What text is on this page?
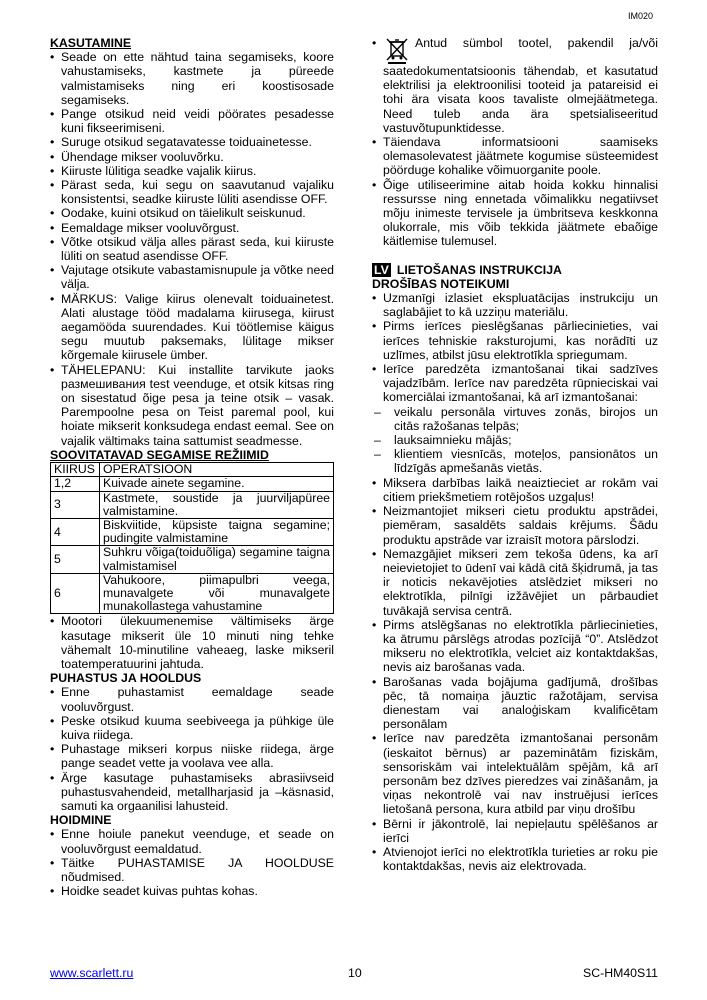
IM020
KASUTAMINE
• Seade on ette nähtud taina segamiseks, koore vahustamiseks, kastmete ja püreede valmistamiseks ning eri koostisosade segamiseks.
• Pange otsikud neid veidi pöörates pesadesse kuni fikseerimiseni.
• Suruge otsikud segatavatesse toiduainetesse.
• Ühendage mikser vooluvõrku.
• Kiiruste lülitiga seadke vajalik kiirus.
• Pärast seda, kui segu on saavutanud vajaliku konsistentsi, seadke kiiruste lüliti asendisse OFF.
• Oodake, kuini otsikud on täielikult seiskunud.
• Eemaldage mikser vooluvõrgust.
• Võtke otsikud välja alles pärast seda, kui kiiruste lüliti on seatud asendisse OFF.
• Vajutage otsikute vabastamisnupule ja võtke need välja.
• MÄRKUS: Valige kiirus olenevalt toiduainetest. Alati alustage tööd madalama kiirusega, kiirust aegamööda suurendades. Kui töötlemise käigus segu muutub paksemaks, lülitage mikser kõrgemale kiirusele ümber.
• TÄHELEPANU: Kui installite tarvikute jaoks размешивания test veenduge, et otsik kitsas ring on sisestatud õige pesa ja teine otsik – vasak. Parempoolne pesa on Teist paremal pool, kui hoiate mikserit konksudega endast eemal. See on vajalik vältimaks taina sattumist seadmesse.
SOOVITATAVAD SEGAMISE REŽIIMID
KIIRUS	OPERATSIOON
1,2	Kuivade ainete segamine.
3	Kastmete, soustide ja juurviljapüree valmistamine.
4	Biskviitide, küpsiste taigna segamine; pudingite valmistamine
5	Suhkru võiga(toiduõliga) segamine taigna valmistamisel
6	Vahukoore, piimapulbri veega, munavalgete või munavalgete munakollastega vahustamine
• Mootori ülekuumenemise vältimiseks ärge kasutage mikserit üle 10 minuti ning tehke vähemalt 10-minutiline vaheaeg, laske mikseril toatemperatuurini jahtuda.
PUHASTUS JA HOOLDUS
• Enne puhastamist eemaldage seade vooluvõrgust.
• Peske otsikud kuuma seebiveega ja pühkige üle kuiva riidega.
• Puhastage mikseri korpus niiske riidega, ärge pange seadet vette ja voolava vee alla.
• Ärge kasutage puhastamiseks abrasiivseid puhastusvahendeid, metallharjasid ja –käsnasid, samuti ka orgaanilisi lahusteid.
HOIDMINE
• Enne hoiule panekut veenduge, et seade on vooluvõrgust eemaldatud.
• Täitke PUHASTAMISE JA HOOLDUSE nõudmised.
• Hoidke seadet kuivas puhtas kohas.
• Antud sümbol tootel, pakendil ja/või saatedokumentatsioonis tähendab, et kasutatud elektrilisi ja elektroonilisi tooteid ja patareisid ei tohi ära visata koos tavaliste olmejäätmetega. Need tuleb anda ära spetsialiseeritud vastuvõtupunktidesse.
• Täiendava informatsiooni saamiseks olemasolevatest jäätmete kogumise süsteemidest pöörduge kohalike võimuorganite poole.
• Õige utiliseerimine aitab hoida kokku hinnalisi ressursse ning ennetada võimalikku negatiivset mõju inimeste tervisele ja ümbritseva keskkonna olukorrale, mis võib tekkida jäätmete ebaõige käitlemise tulemusel.
LV LIETOŠANAS INSTRUKCIJA
DROŠĪBAS NOTEIKUMI
• Uzmanīgi izlasiet ekspluatācijas instrukciju un saglabājiet to kā uzziņu materiālu.
• Pirms ierīces pieslēgšanas pārliecinieties, vai ierīces tehniskie raksturojumi, kas norādīti uz uzlīmes, atbilst jūsu elektrotīkla spriegumam.
• Ierīce paredzēta izmantošanai tikai sadzīves vajadzībām. Ierīce nav paredzēta rūpnieciskai vai komerciālai izmantošanai, kā arī izmantošanai:
– veikalu personāla virtuves zonās, birojos un citās ražošanas telpās;
– lauksaimnieku mājās;
– klientiem viesnīcās, moteļos, pansionātos un līdzīgās apmešanās vietās.
• Miksera darbības laikā neaiztieciet ar rokām vai citiem priekšmetiem rotējošos uzgaļus!
• Neizmantojiet mikseri cietu produktu apstrādei, piemēram, sasaldēts saldais krējums. Šādu produktu apstrāde var izraisīt motora pārslodzi.
• Nemazgājiet mikseri zem tekoša ūdens, ka arī neievietojiet to ūdenī vai kādā citā šķidrumā, ja tas ir noticis nekavējoties atslēdziet mikseri no elektrotīkla, pilnīgi izžāvējiet un pārbaudiet tuvākajā servisa centrā.
• Pirms atslēgšanas no elektrotīkla pārliecinieties, ka ātrumu pārslēgs atrodas pozīcijā “0”. Atslēdzot mikseru no elektrotīkla, velciet aiz kontaktdakšas, nevis aiz barošanas vada.
• Barošanas vada bojājuma gadījumā, drošības pēc, tā nomaiņa jāuztic ražotājam, servisa dienestam vai analoģiskam kvalificētam personālam
• Ierīce nav paredzēta izmantošanai personām (ieskaitot bērnus) ar pazeminātām fiziskām, sensoriskām vai intelektuālām spējām, kā arī personām bez dzīves pieredzes vai zināšanām, ja viņas nekontrolē vai nav instruējusi ierīces lietošanā persona, kura atbild par viņu drošību
• Bērni ir jākontrolē, lai nepieļautu spēlēšanos ar ierīci
• Atvienojot ierīci no elektrotīkla turieties ar roku pie kontaktdakšas, nevis aiz elektrovada.
www.scarlett.ru	10	SC-HM40S11
